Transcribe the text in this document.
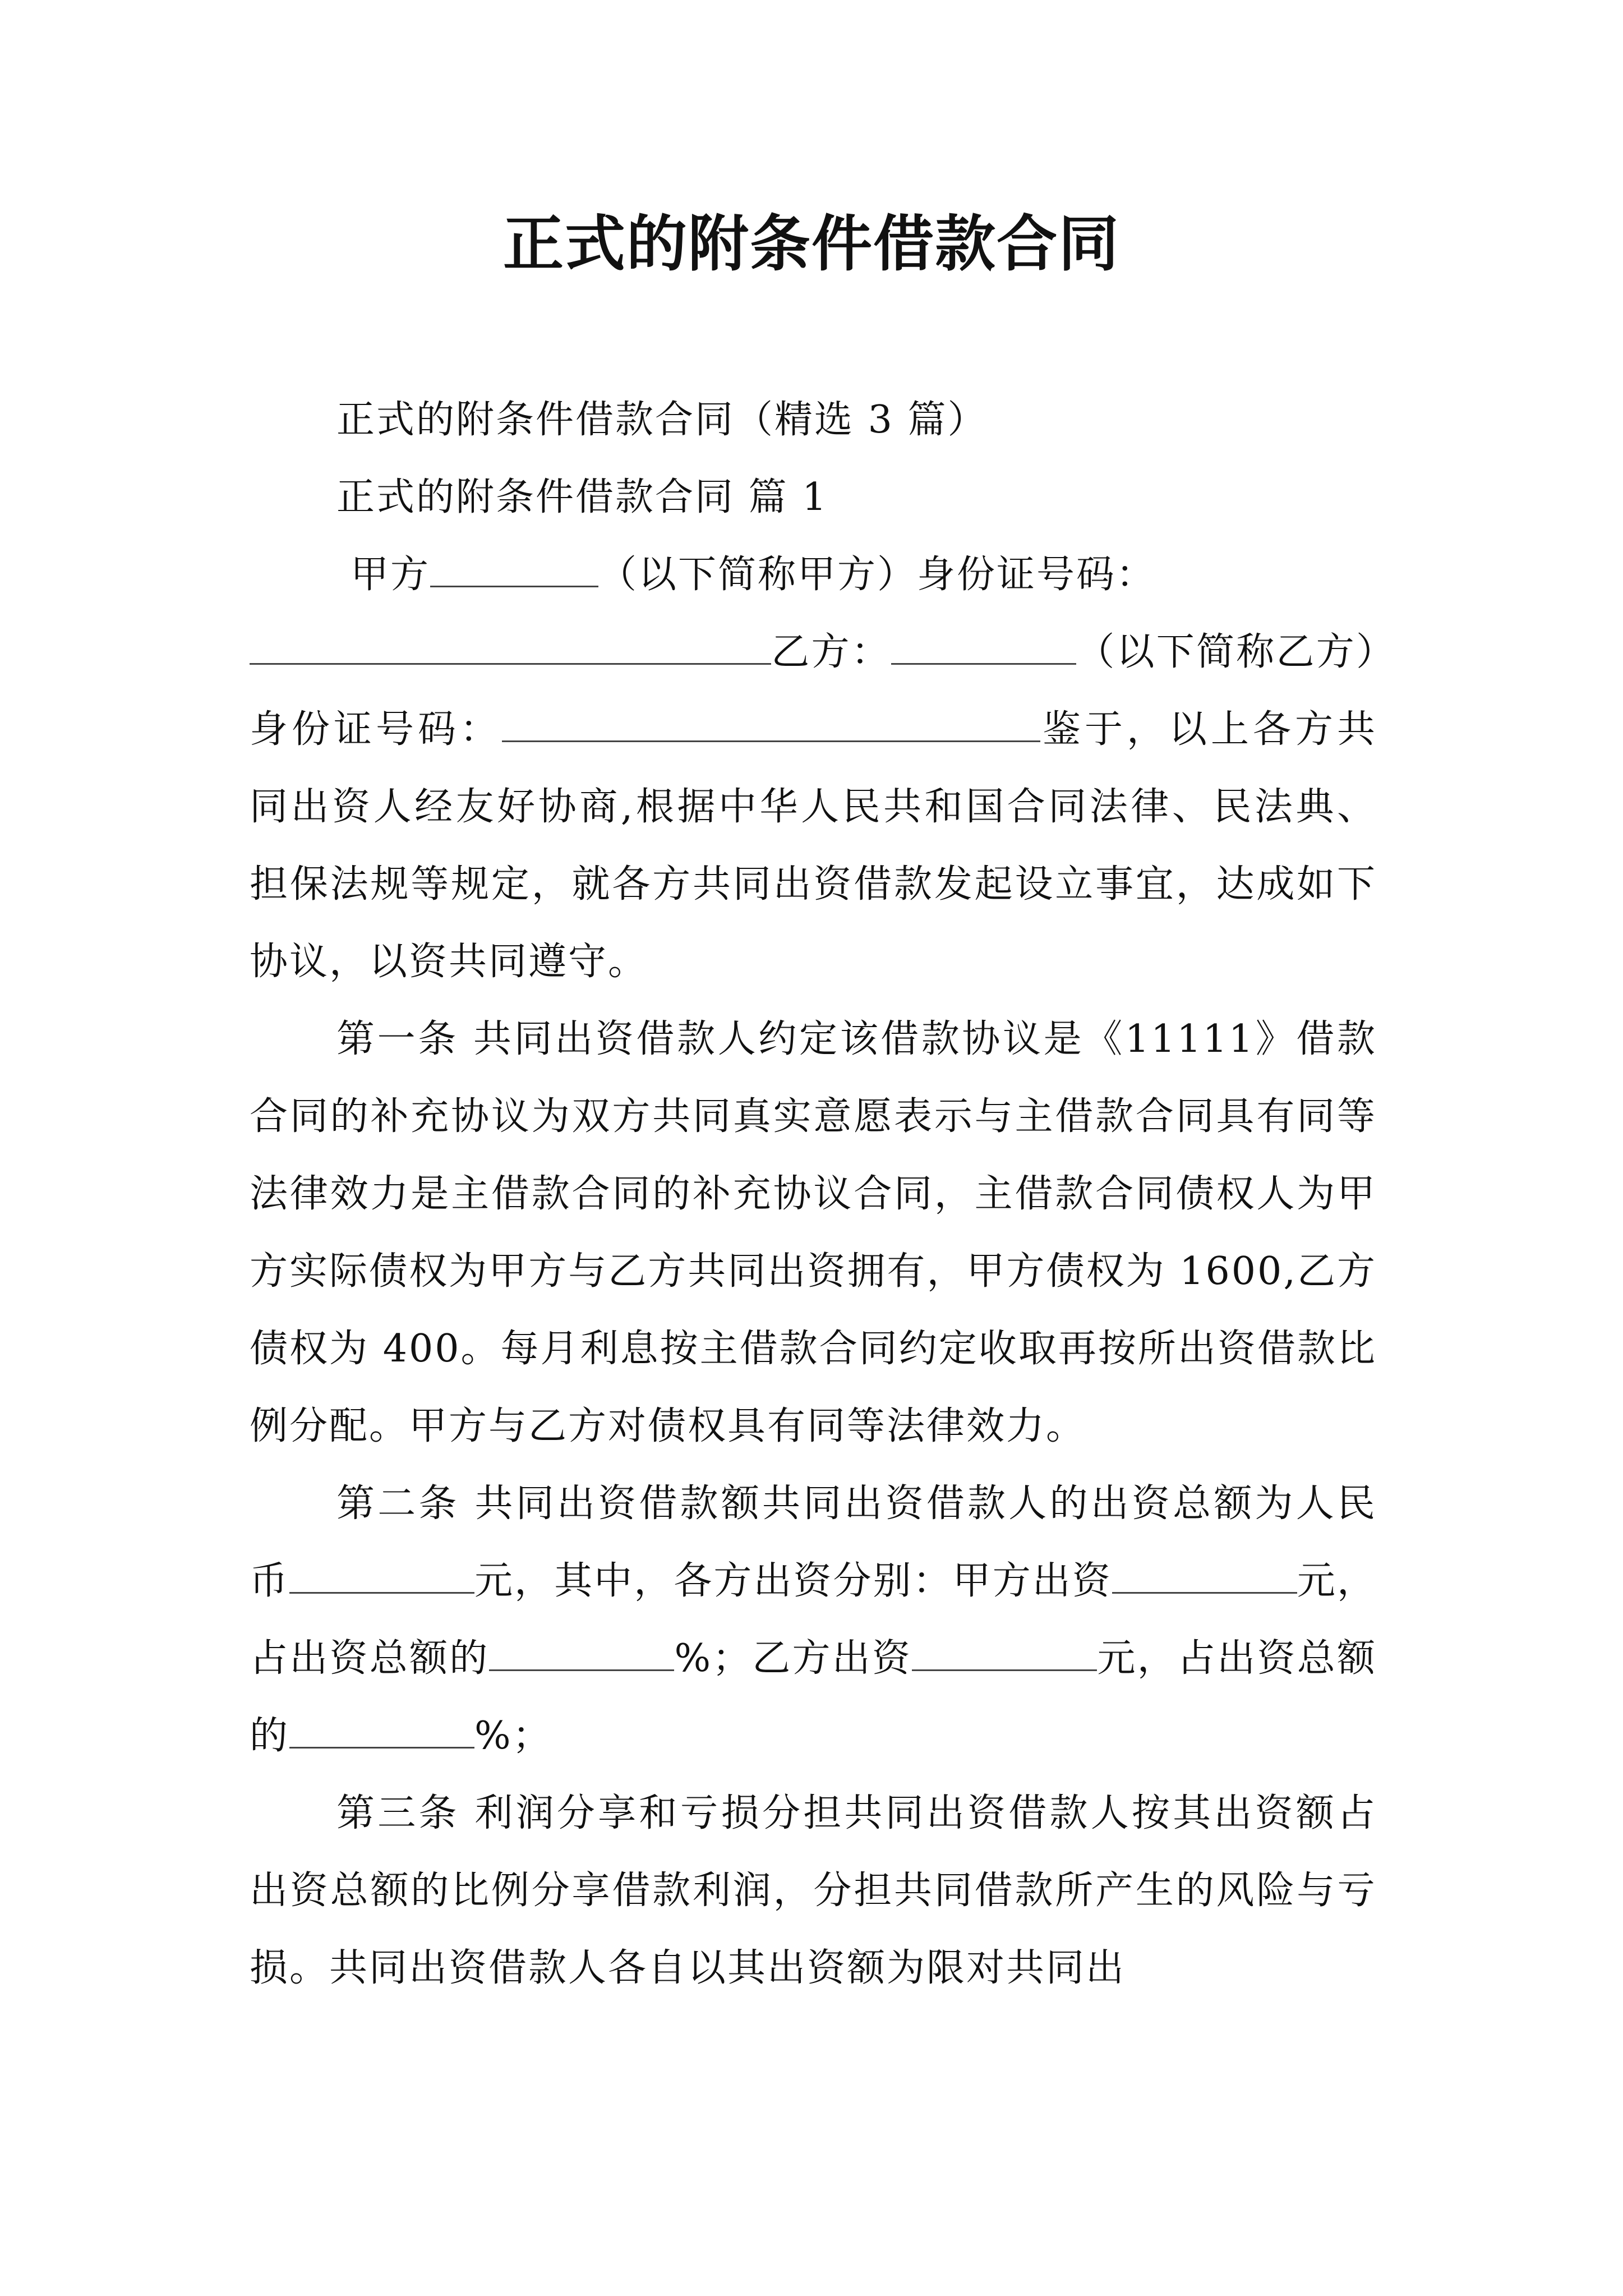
正式的附条件借款合同

正式的附条件借款合同（精选 3 篇）

正式的附条件借款合同 篇 1

甲方	（以下简称甲方）身份证号码：

乙方：	（以下简称乙方）身份证号码：	鉴于，以上各方共同出资人经友好协商,根据中华人民共和国合同法律、民法典、担保法规等规定，就各方共同出资借款发起设立事宜，达成如下协议，以资共同遵守。

第一条 共同出资借款人约定该借款协议是《11111》借款合同的补充协议为双方共同真实意愿表示与主借款合同具有同等法律效力是主借款合同的补充协议合同，主借款合同债权人为甲方实际债权为甲方与乙方共同出资拥有，甲方债权为 1600,乙方债权为 400。每月利息按主借款合同约定收取再按所出资借款比例分配。甲方与乙方对债权具有同等法律效力。

第二条 共同出资借款额共同出资借款人的出资总额为人民币	元，其中，各方出资分别：甲方出资	元，占出资总额的	%；乙方出资	元，占出资总额的	%；

第三条 利润分享和亏损分担共同出资借款人按其出资额占出资总额的比例分享借款利润，分担共同借款所产生的风险与亏损。共同出资借款人各自以其出资额为限对共同出
